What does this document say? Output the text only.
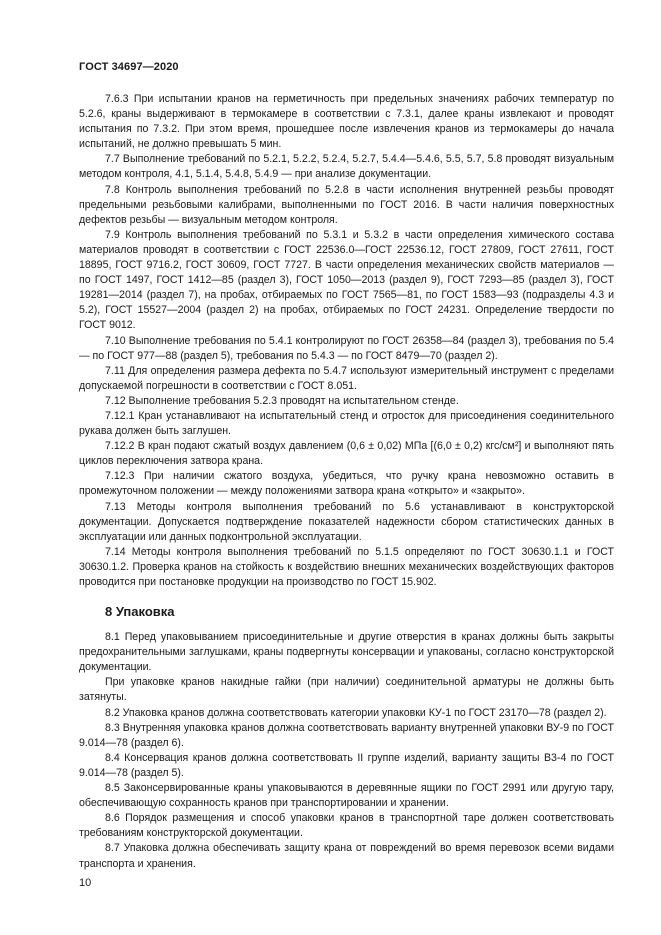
ГОСТ 34697—2020

7.6.3 При испытании кранов на герметичность при предельных значениях рабочих температур по 5.2.6, краны выдерживают в термокамере в соответствии с 7.3.1, далее краны извлекают и проводят испытания по 7.3.2. При этом время, прошедшее после извлечения кранов из термокамеры до начала испытаний, не должно превышать 5 мин.

7.7 Выполнение требований по 5.2.1, 5.2.2, 5.2.4, 5.2.7, 5.4.4—5.4.6, 5.5, 5.7, 5.8 проводят визуальным методом контроля, 4.1, 5.1.4, 5.4.8, 5.4.9 — при анализе документации.

7.8 Контроль выполнения требований по 5.2.8 в части исполнения внутренней резьбы проводят предельными резьбовыми калибрами, выполненными по ГОСТ 2016. В части наличия поверхностных дефектов резьбы — визуальным методом контроля.

7.9 Контроль выполнения требований по 5.3.1 и 5.3.2 в части определения химического состава материалов проводят в соответствии с ГОСТ 22536.0—ГОСТ 22536.12, ГОСТ 27809, ГОСТ 27611, ГОСТ 18895, ГОСТ 9716.2, ГОСТ 30609, ГОСТ 7727. В части определения механических свойств материалов — по ГОСТ 1497, ГОСТ 1412—85 (раздел 3), ГОСТ 1050—2013 (раздел 9), ГОСТ 7293—85 (раздел 3), ГОСТ 19281—2014 (раздел 7), на пробах, отбираемых по ГОСТ 7565—81, по ГОСТ 1583—93 (подразделы 4.3 и 5.2), ГОСТ 15527—2004 (раздел 2) на пробах, отбираемых по ГОСТ 24231. Определение твердости по ГОСТ 9012.

7.10 Выполнение требования по 5.4.1 контролируют по ГОСТ 26358—84 (раздел 3), требования по 5.4 — по ГОСТ 977—88 (раздел 5), требования по 5.4.3 — по ГОСТ 8479—70 (раздел 2).

7.11 Для определения размера дефекта по 5.4.7 используют измерительный инструмент с пределами допускаемой погрешности в соответствии с ГОСТ 8.051.

7.12 Выполнение требования 5.2.3 проводят на испытательном стенде.

7.12.1 Кран устанавливают на испытательный стенд и отросток для присоединения соединительного рукава должен быть заглушен.

7.12.2 В кран подают сжатый воздух давлением (0,6 ± 0,02) МПа [(6,0 ± 0,2) кгс/см²] и выполняют пять циклов переключения затвора крана.

7.12.3 При наличии сжатого воздуха, убедиться, что ручку крана невозможно оставить в промежуточном положении — между положениями затвора крана «открыто» и «закрыто».

7.13 Методы контроля выполнения требований по 5.6 устанавливают в конструкторской документации. Допускается подтверждение показателей надежности сбором статистических данных в эксплуатации или данных подконтрольной эксплуатации.

7.14 Методы контроля выполнения требований по 5.1.5 определяют по ГОСТ 30630.1.1 и ГОСТ 30630.1.2. Проверка кранов на стойкость к воздействию внешних механических воздействующих факторов проводится при постановке продукции на производство по ГОСТ 15.902.

8 Упаковка

8.1 Перед упаковыванием присоединительные и другие отверстия в кранах должны быть закрыты предохранительными заглушками, краны подвергнуты консервации и упакованы, согласно конструкторской документации.

При упаковке кранов накидные гайки (при наличии) соединительной арматуры не должны быть затянуты.

8.2 Упаковка кранов должна соответствовать категории упаковки КУ-1 по ГОСТ 23170—78 (раздел 2).

8.3 Внутренняя упаковка кранов должна соответствовать варианту внутренней упаковки ВУ-9 по ГОСТ 9.014—78 (раздел 6).

8.4 Консервация кранов должна соответствовать II группе изделий, варианту защиты В3-4 по ГОСТ 9.014—78 (раздел 5).

8.5 Законсервированные краны упаковываются в деревянные ящики по ГОСТ 2991 или другую тару, обеспечивающую сохранность кранов при транспортировании и хранении.

8.6 Порядок размещения и способ упаковки кранов в транспортной таре должен соответствовать требованиям конструкторской документации.

8.7 Упаковка должна обеспечивать защиту крана от повреждений во время перевозок всеми видами транспорта и хранения.

10
